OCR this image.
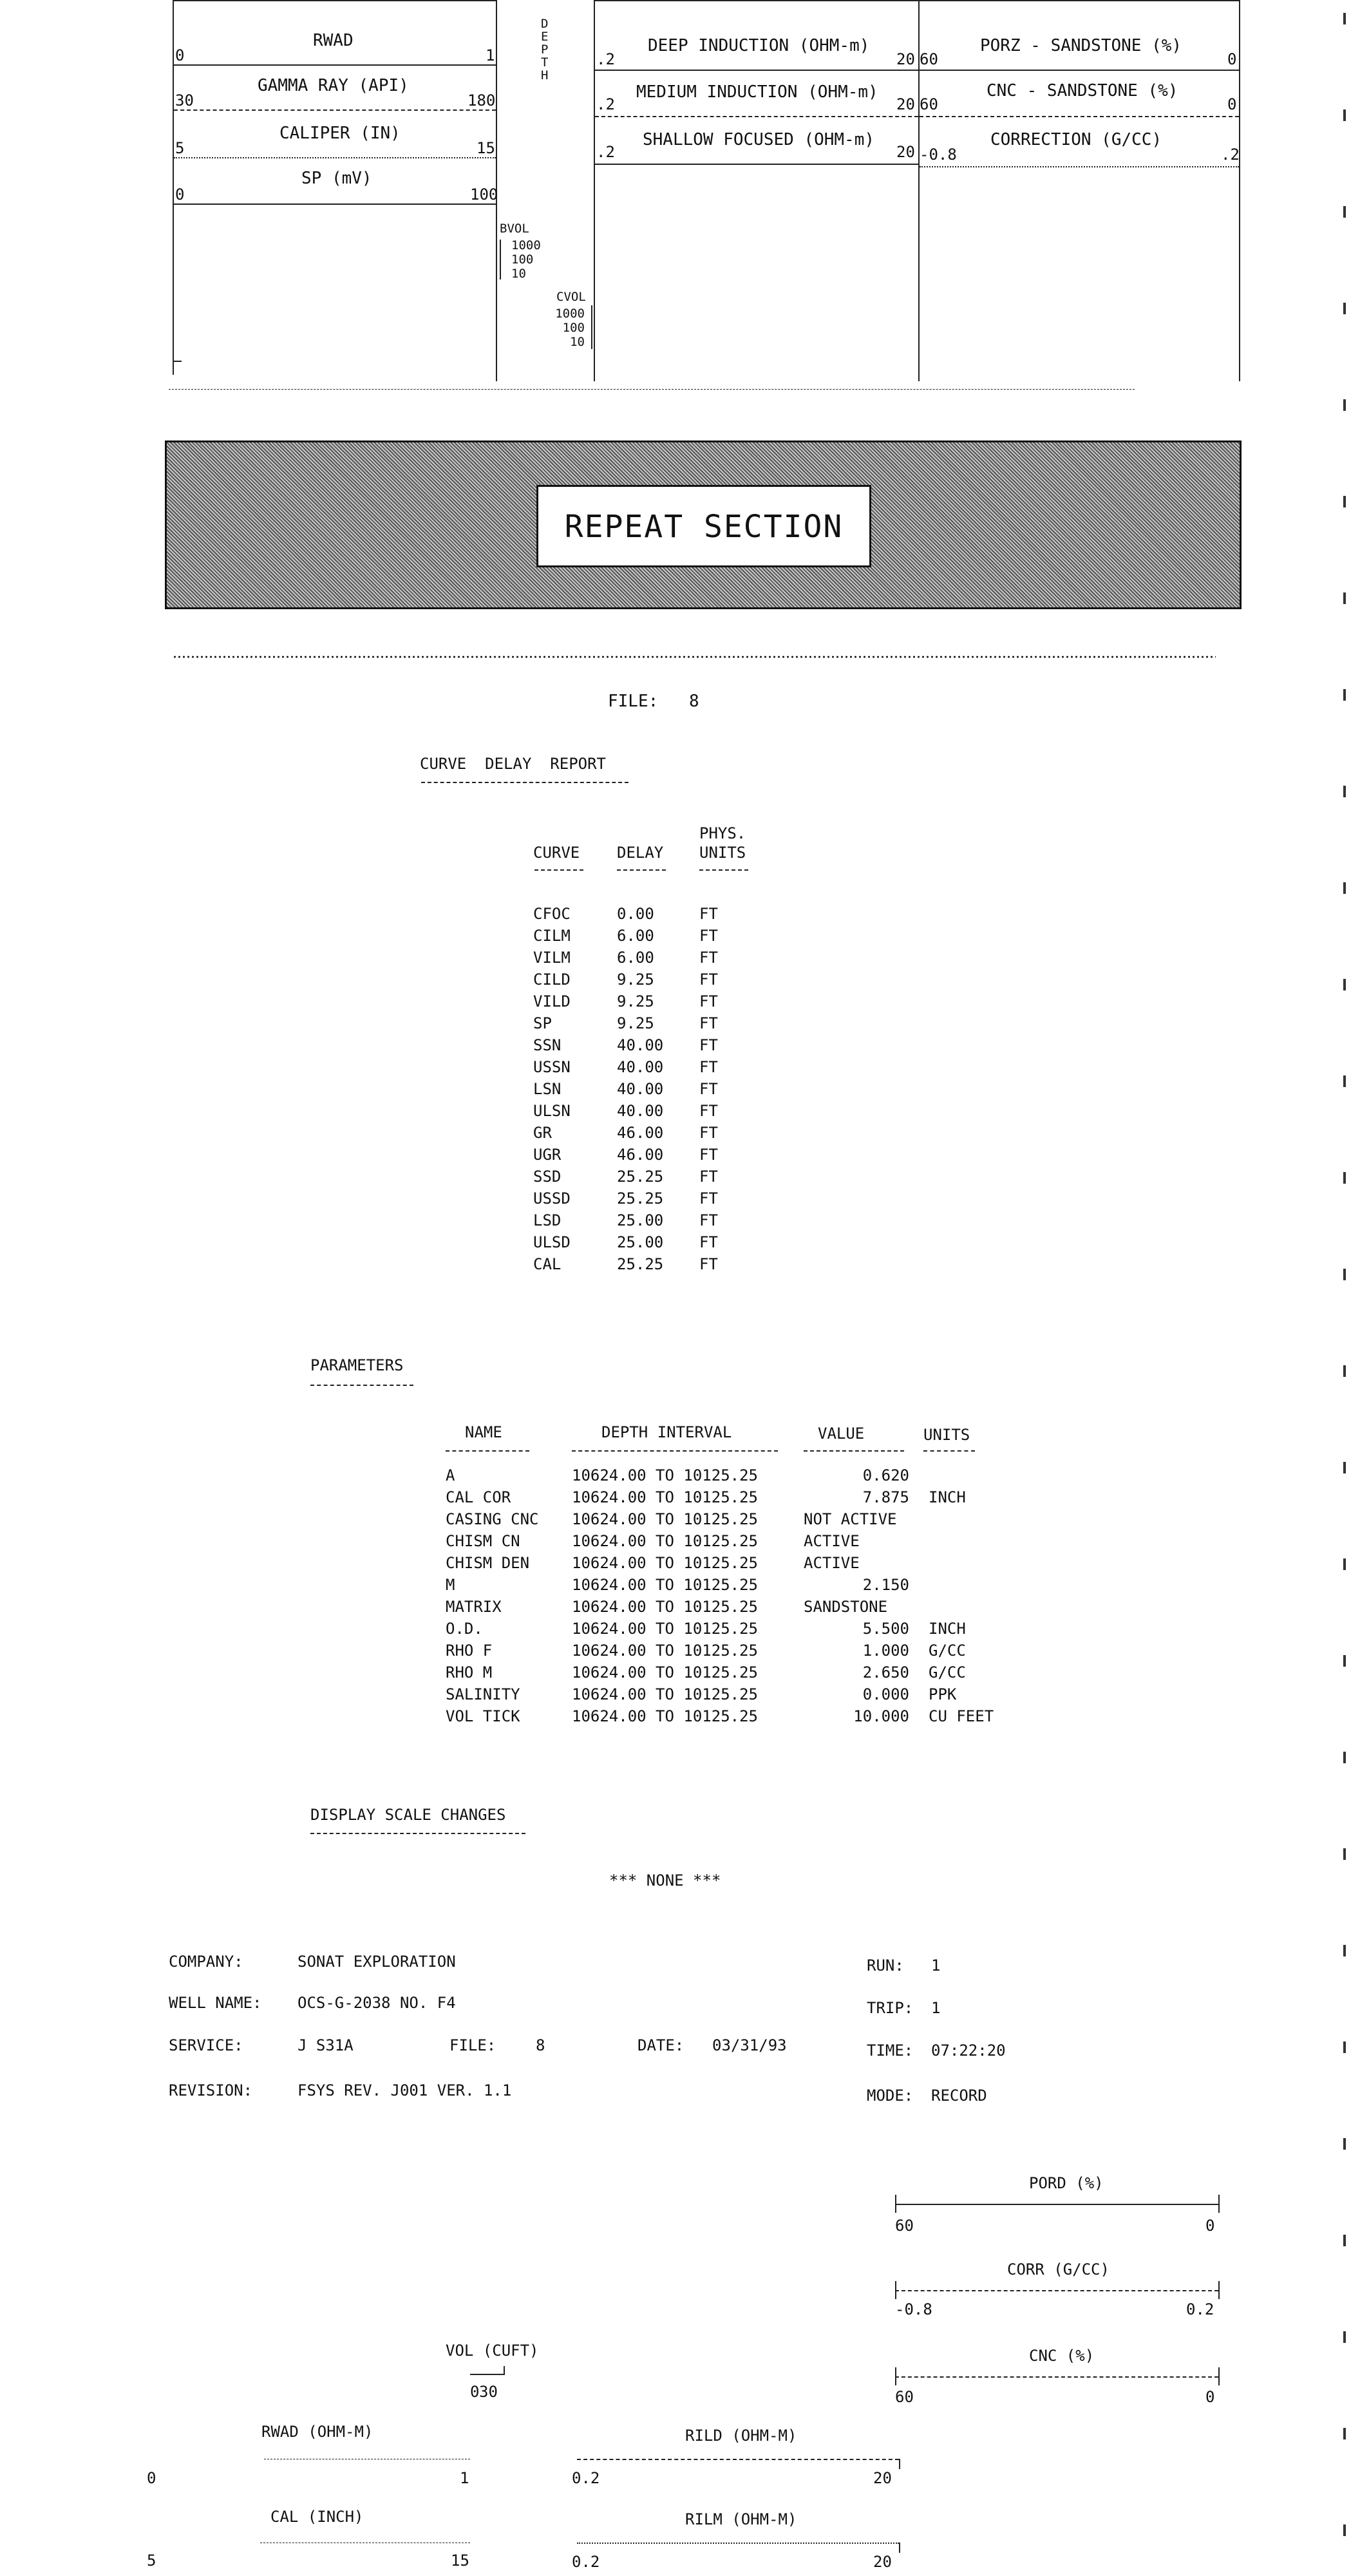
RWAD
0	1
GAMMA RAY (API)
30	180
CALIPER (IN)
5	15
SP (mV)
0	100
DEPTH
BVOL
1000
100
10
CVOL
1000
100
10
DEEP INDUCTION (OHM-m)
.2	20
MEDIUM INDUCTION (OHM-m)
.2	20
SHALLOW FOCUSED (OHM-m)
.2	20
PORZ - SANDSTONE (%)
60	0
CNC - SANDSTONE (%)
60	0
CORRECTION (G/CC)
-0.8	.2
REPEAT SECTION
FILE: 8
CURVE  DELAY  REPORT
PHYS.
CURVE DELAY UNITS
CFOC	0.00	FT
CILM	6.00	FT
VILM	6.00	FT
CILD	9.25	FT
VILD	9.25	FT
SP	9.25	FT
SSN	40.00	FT
USSN	40.00	FT
LSN	40.00	FT
ULSN	40.00	FT
GR	46.00	FT
UGR	46.00	FT
SSD	25.25	FT
USSD	25.25	FT
LSD	25.00	FT
ULSD	25.00	FT
CAL	25.25	FT
PARAMETERS
NAME	DEPTH INTERVAL	VALUE	UNITS
A	10624.00 TO 10125.25	0.620	
CAL COR	10624.00 TO 10125.25	7.875	INCH
CASING CNC	10624.00 TO 10125.25	NOT ACTIVE	
CHISM CN	10624.00 TO 10125.25	ACTIVE	
CHISM DEN	10624.00 TO 10125.25	ACTIVE	
M	10624.00 TO 10125.25	2.150	
MATRIX	10624.00 TO 10125.25	SANDSTONE	
O.D.	10624.00 TO 10125.25	5.500	INCH
RHO F	10624.00 TO 10125.25	1.000	G/CC
RHO M	10624.00 TO 10125.25	2.650	G/CC
SALINITY	10624.00 TO 10125.25	0.000	PPK
VOL TICK	10624.00 TO 10125.25	10.000	CU FEET
DISPLAY SCALE CHANGES
*** NONE ***
COMPANY:	SONAT EXPLORATION
WELL NAME: OCS-G-2038 NO. F4
SERVICE:	J S31A	FILE:	8	DATE: 03/31/93
REVISION:	FSYS REV. J001 VER. 1.1
RUN: 1
TRIP: 1
TIME: 07:22:20
MODE: RECORD
PORD (%)
60	0
CORR (G/CC)
-0.8	0.2
CNC (%)
60	0
VOL (CUFT)
0 30
RWAD (OHM-M)
0	1
CAL (INCH)
5	15
RILD (OHM-M)
0.2	20
RILM (OHM-M)
0.2	20
